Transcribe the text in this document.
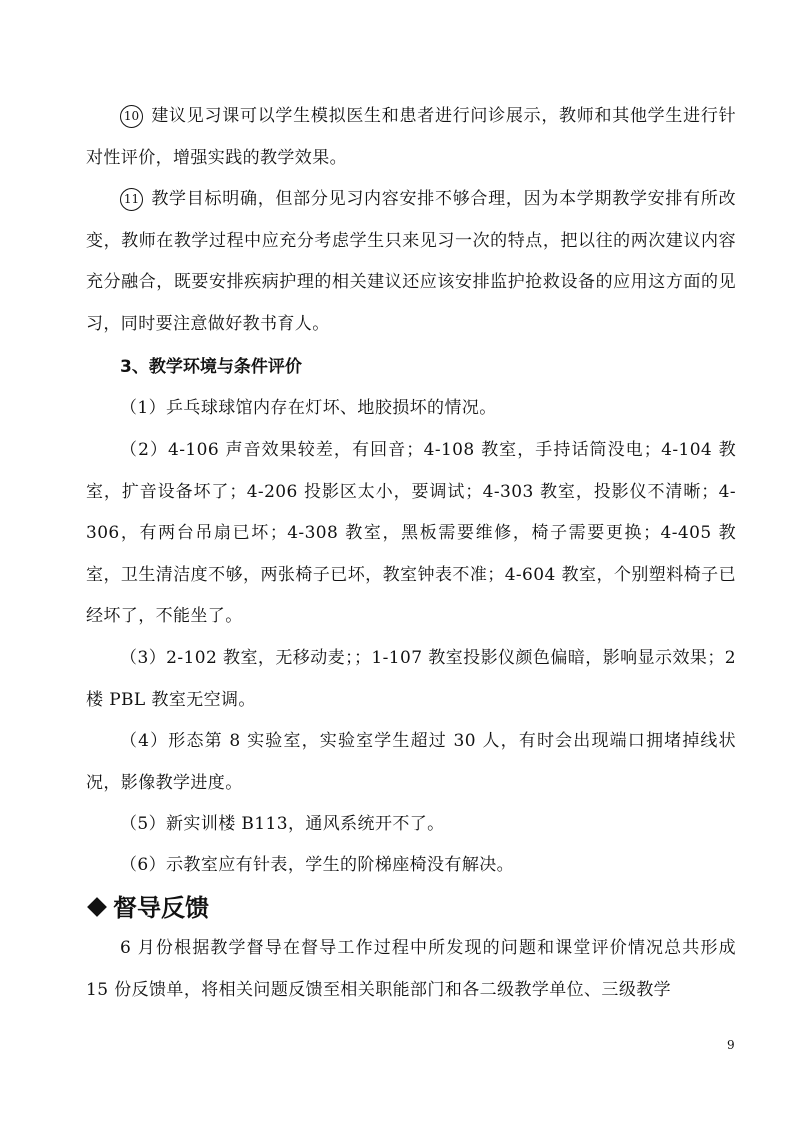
10 建议见习课可以学生模拟医生和患者进行问诊展示，教师和其他学生进行针对性评价，增强实践的教学效果。

11 教学目标明确，但部分见习内容安排不够合理，因为本学期教学安排有所改变，教师在教学过程中应充分考虑学生只来见习一次的特点，把以往的两次建议内容充分融合，既要安排疾病护理的相关建议还应该安排监护抢救设备的应用这方面的见习，同时要注意做好教书育人。

3、教学环境与条件评价

（1）乒乓球球馆内存在灯坏、地胶损坏的情况。

（2）4-106 声音效果较差，有回音；4-108 教室，手持话筒没电；4-104 教室，扩音设备坏了；4-206 投影区太小，要调试；4-303 教室，投影仪不清晰；4-306，有两台吊扇已坏；4-308 教室，黑板需要维修，椅子需要更换；4-405 教室，卫生清洁度不够，两张椅子已坏，教室钟表不准；4-604 教室，个别塑料椅子已经坏了，不能坐了。

（3）2-102 教室，无移动麦；；1-107 教室投影仪颜色偏暗，影响显示效果；2 楼 PBL 教室无空调。

（4）形态第 8 实验室，实验室学生超过 30 人，有时会出现端口拥堵掉线状况，影像教学进度。

（5）新实训楼 B113，通风系统开不了。

（6）示教室应有针表，学生的阶梯座椅没有解决。

督导反馈

6 月份根据教学督导在督导工作过程中所发现的问题和课堂评价情况总共形成 15 份反馈单，将相关问题反馈至相关职能部门和各二级教学单位、三级教学

9
